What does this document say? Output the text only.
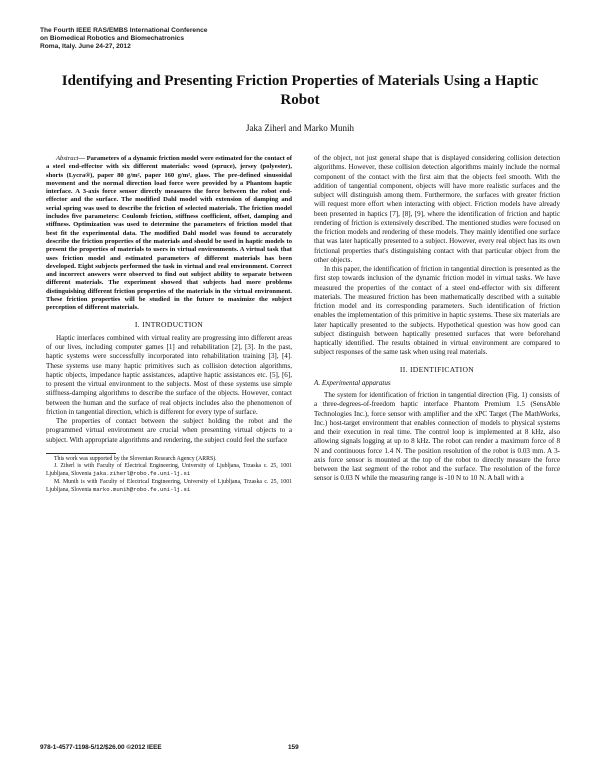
The Fourth IEEE RAS/EMBS International Conference
on Biomedical Robotics and Biomechatronics
Roma, Italy. June 24-27, 2012
Identifying and Presenting Friction Properties of Materials Using a Haptic Robot
Jaka Ziherl and Marko Munih

Abstract— Parameters of a dynamic friction model were estimated for the contact of a steel end-effector with six different materials: wood (spruce), jersey (polyester), shorts (Lycra®), paper 80 g/m², paper 160 g/m², glass. The pre-defined sinusoidal movement and the normal direction load force were provided by a Phantom haptic interface. A 3-axis force sensor directly measures the force between the robot end-effector and the surface. The modified Dahl model with extension of damping and serial spring was used to describe the friction of selected materials. The friction model includes five parameters: Coulomb friction, stiffness coefficient, offset, damping and stiffness. Optimization was used to determine the parameters of friction model that best fit the experimental data. The modified Dahl model was found to accurately describe the friction properties of the materials and should be used in haptic models to present the properties of materials to users in virtual environments. A virtual task that uses friction model and estimated parameters of different materials has been developed. Eight subjects performed the task in virtual and real environment. Correct and incorrect answers were observed to find out subject ability to separate between different materials. The experiment showed that subjects had more problems distinguishing different friction properties of the materials in the virtual environment. These friction properties will be studied in the future to maximize the subject perception of different materials.

I. INTRODUCTION

Haptic interfaces combined with virtual reality are progressing into different areas of our lives, including computer games [1] and rehabilitation [2], [3]. In the past, haptic systems were successfully incorporated into rehabilitation training [3], [4]. These systems use many haptic primitives such as collision detection algorithms, haptic objects, impedance haptic assistances, adaptive haptic assistances etc. [5], [6], to present the virtual environment to the subjects. Most of these systems use simple stiffness-damping algorithms to describe the surface of the objects. However, contact between the human and the surface of real objects includes also the phenomenon of friction in tangential direction, which is different for every type of surface.

The properties of contact between the subject holding the robot and the programmed virtual environment are crucial when presenting virtual objects to a subject. With appropriate algorithms and rendering, the subject could feel the surface

This work was supported by the Slovenian Research Agency (ARRS).

J. Ziherl is with Faculty of Electrical Engineering, University of Ljubljana, Trzaska c. 25, 1001 Ljubljana, Slovenia jaka.ziherl@robo.fe.uni-lj.si

M. Munih is with Faculty of Electrical Engineering, University of Ljubljana, Trzaska c. 25, 1001 Ljubljana, Slovenia marko.munih@robo.fe.uni-lj.si

of the object, not just general shape that is displayed considering collision detection algorithms. However, these collision detection algorithms mainly include the normal component of the contact with the first aim that the objects feel smooth. With the addition of tangential component, objects will have more realistic surfaces and the subject will distinguish among them. Furthermore, the surfaces with greater friction will request more effort when interacting with object. Friction models have already been presented in haptics [7], [8], [9], where the identification of friction and haptic rendering of friction is extensively described. The mentioned studies were focused on the friction models and rendering of these models. They mainly identified one surface that was later haptically presented to a subject. However, every real object has its own frictional properties that's distinguishing contact with that particular object from the other objects.

In this paper, the identification of friction in tangential direction is presented as the first step towards inclusion of the dynamic friction model in virtual tasks. We have measured the properties of the contact of a steel end-effector with six different materials. The measured friction has been mathematically described with a suitable friction model and its corresponding parameters. Such identification of friction enables the implementation of this primitive in haptic systems. These six materials are later haptically presented to the subjects. Hypothetical question was how good can subject distinguish between haptically presented surfaces that were beforehand haptically identified. The results obtained in virtual environment are compared to subject responses of the same task when using real materials.

II. IDENTIFICATION
A. Experimental apparatus

The system for identification of friction in tangential direction (Fig. 1) consists of a three-degrees-of-freedom haptic interface Phantom Premium 1.5 (SensAble Technologies Inc.), force sensor with amplifier and the xPC Target (The MathWorks, Inc.) host-target environment that enables connection of models to physical systems and their execution in real time. The control loop is implemented at 8 kHz, also allowing signals logging at up to 8 kHz. The robot can render a maximum force of 8 N and continuous force 1.4 N. The position resolution of the robot is 0.03 mm. A 3-axis force sensor is mounted at the top of the robot to directly measure the force between the last segment of the robot and the surface. The resolution of the force sensor is 0.03 N while the measuring range is -10 N to 10 N. A ball with a

978-1-4577-1198-5/12/$26.00 ©2012 IEEE	159
